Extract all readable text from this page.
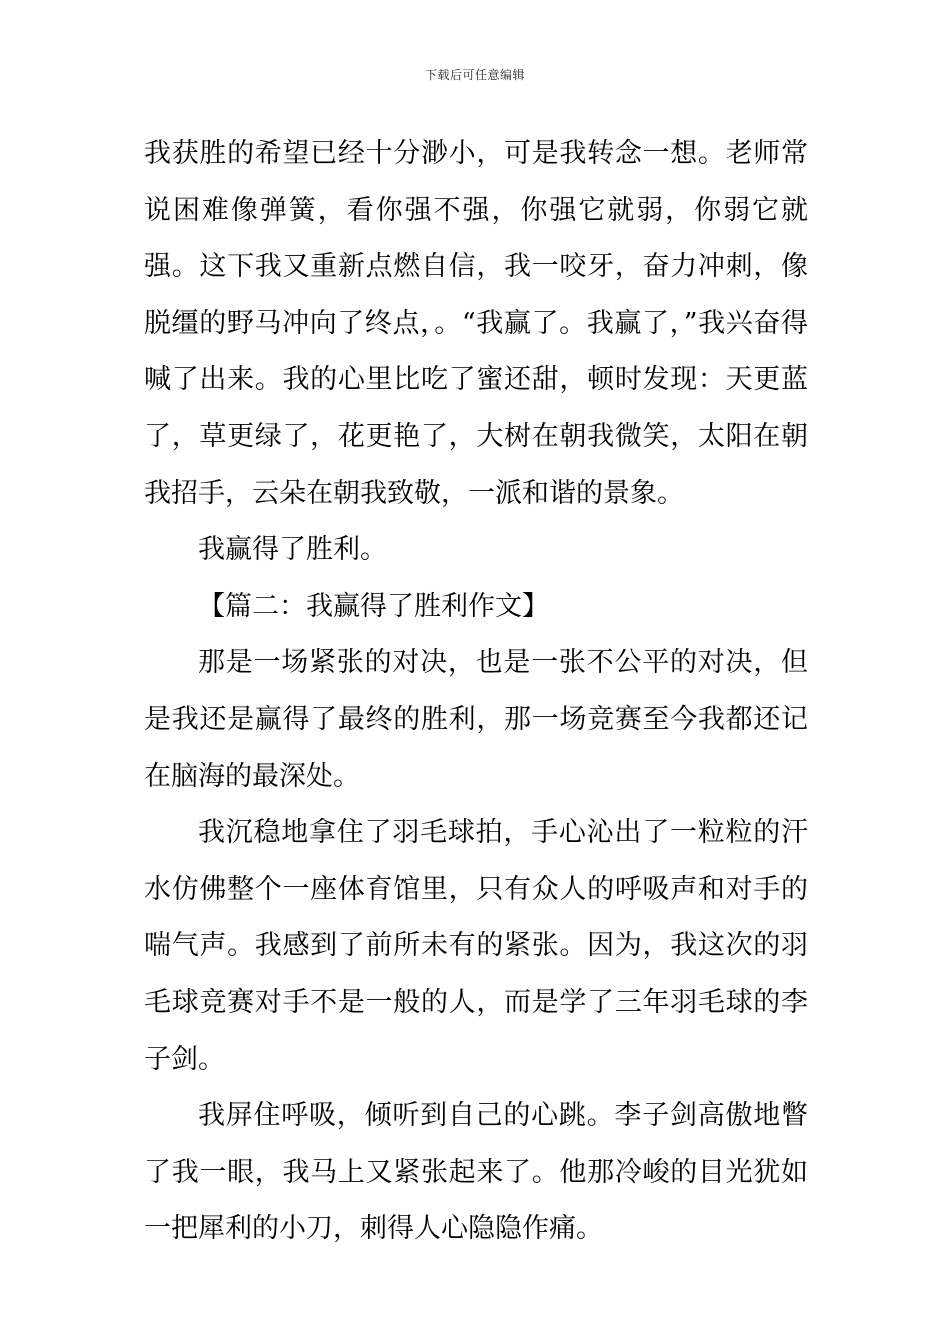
下载后可任意编辑

我获胜的希望已经十分渺小，可是我转念一想。老师常说困难像弹簧，看你强不强，你强它就弱，你弱它就强。这下我又重新点燃自信，我一咬牙，奋力冲刺，像脱缰的野马冲向了终点，。“我赢了。我赢了，”我兴奋得喊了出来。我的心里比吃了蜜还甜，顿时发现：天更蓝了，草更绿了，花更艳了，大树在朝我微笑，太阳在朝我招手，云朵在朝我致敬，一派和谐的景象。

我赢得了胜利。

【篇二：我赢得了胜利作文】

那是一场紧张的对决，也是一张不公平的对决，但是我还是赢得了最终的胜利，那一场竞赛至今我都还记在脑海的最深处。

我沉稳地拿住了羽毛球拍，手心沁出了一粒粒的汗水仿佛整个一座体育馆里，只有众人的呼吸声和对手的喘气声。我感到了前所未有的紧张。因为，我这次的羽毛球竞赛对手不是一般的人，而是学了三年羽毛球的李子剑。

我屏住呼吸，倾听到自己的心跳。李子剑高傲地瞥了我一眼，我马上又紧张起来了。他那冷峻的目光犹如一把犀利的小刀，刺得人心隐隐作痛。
